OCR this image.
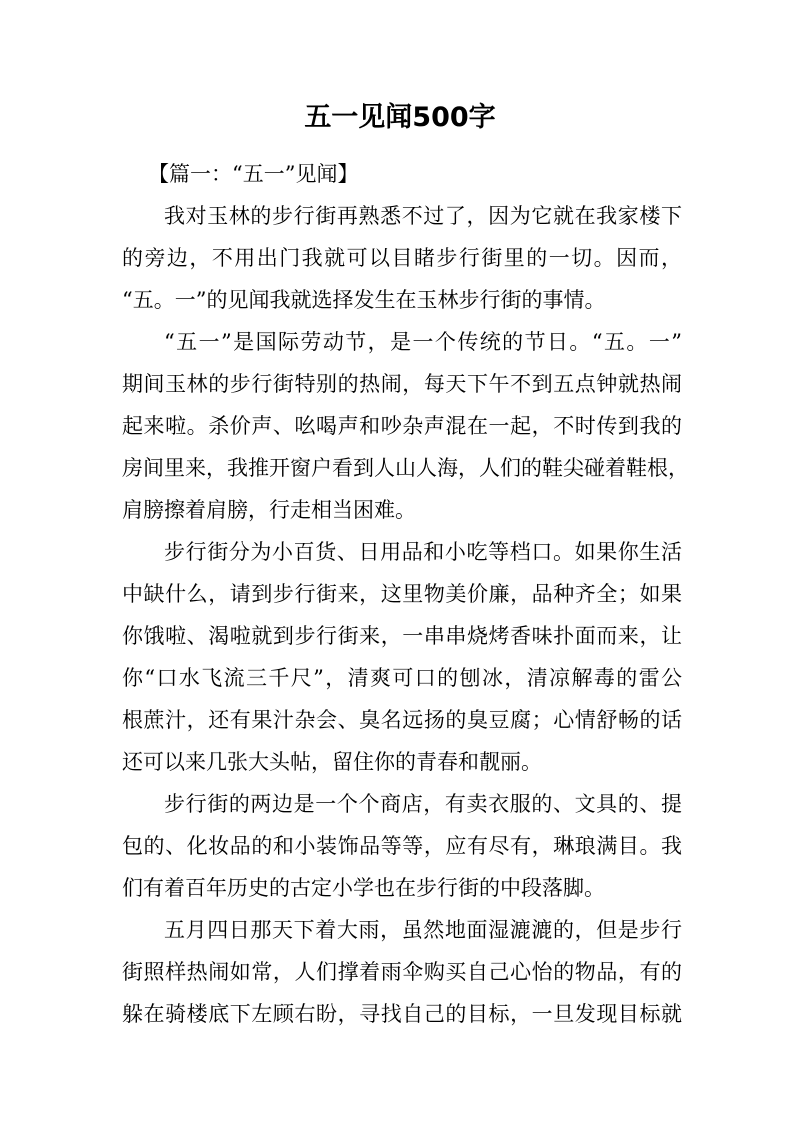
五一见闻500字
【篇一：“五一”见闻】
我对玉林的步行街再熟悉不过了，因为它就在我家楼下
的旁边，不用出门我就可以目睹步行街里的一切。因而，
“五。一”的见闻我就选择发生在玉林步行街的事情。
“五一”是国际劳动节，是一个传统的节日。“五。一”
期间玉林的步行街特别的热闹，每天下午不到五点钟就热闹
起来啦。杀价声、吆喝声和吵杂声混在一起，不时传到我的
房间里来，我推开窗户看到人山人海，人们的鞋尖碰着鞋根，
肩膀擦着肩膀，行走相当困难。
步行街分为小百货、日用品和小吃等档口。如果你生活
中缺什么，请到步行街来，这里物美价廉，品种齐全；如果
你饿啦、渴啦就到步行街来，一串串烧烤香味扑面而来，让
你“口水飞流三千尺”，清爽可口的刨冰，清凉解毒的雷公
根蔗汁，还有果汁杂会、臭名远扬的臭豆腐；心情舒畅的话
还可以来几张大头帖，留住你的青春和靓丽。
步行街的两边是一个个商店，有卖衣服的、文具的、提
包的、化妆品的和小装饰品等等，应有尽有，琳琅满目。我
们有着百年历史的古定小学也在步行街的中段落脚。
五月四日那天下着大雨，虽然地面湿漉漉的，但是步行
街照样热闹如常，人们撑着雨伞购买自己心怡的物品，有的
躲在骑楼底下左顾右盼，寻找自己的目标，一旦发现目标就
